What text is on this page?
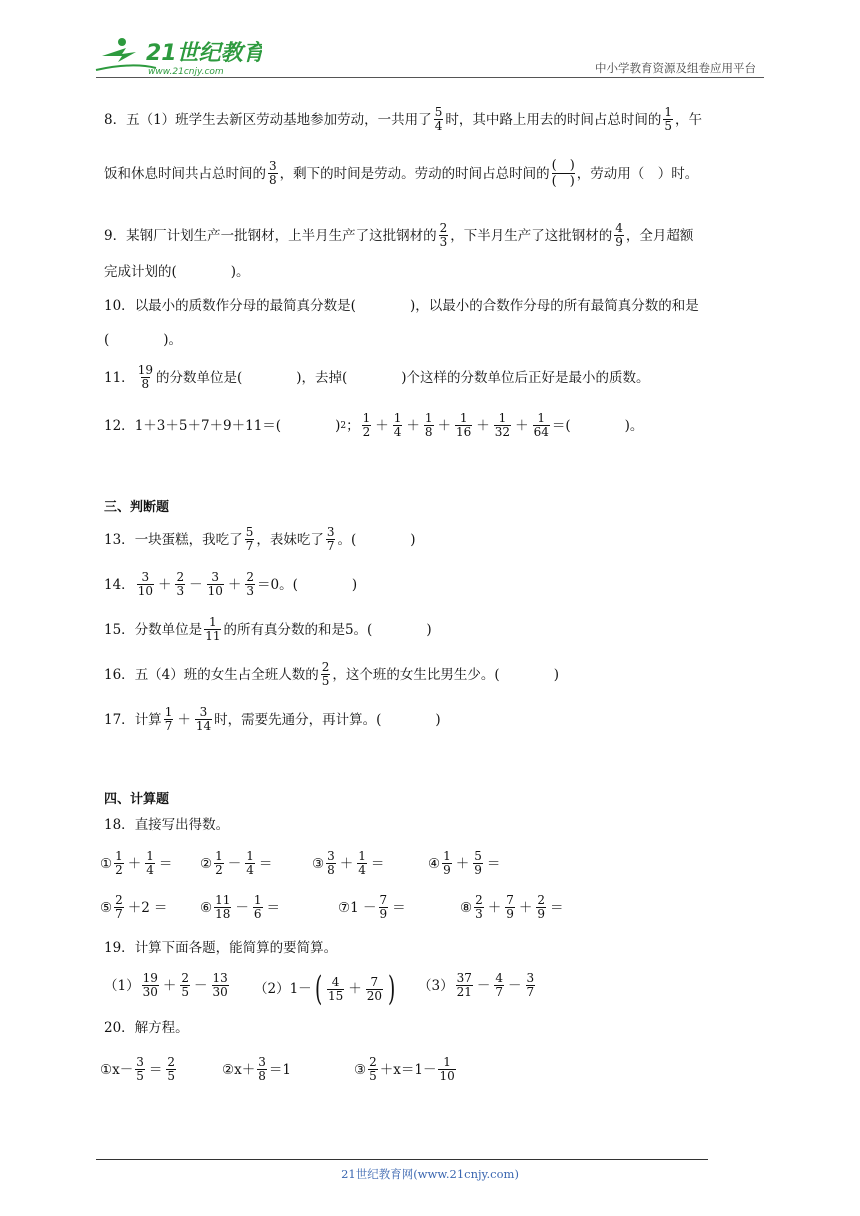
21世纪教育
www.21cnjy.com	中小学教育资源及组卷应用平台
8． 五（1）班学生去新区劳动基地参加劳动，一共用了 5
4 时，其中路上用去的时间占总时间的 1
5 ，午
饭和休息时间共占总时间的 3
8 ，剩下的时间是劳动。劳动的时间占总时间的 $\frac{( )}{( )}$ ，劳动用（　）时。
9． 某钢厂计划生产一批钢材，上半月生产了这批钢材的 2
3 ，下半月生产了这批钢材的 4
9 ，全月超额
完成计划的(　　　　)。
10． 以最小的质数作分母的最简真分数是(　　　　)，以最小的合数作分母的所有最简真分数的和是
(　　　　)。
11． 19
8 的分数单位是(　　　　)，去掉(　　　　)个这样的分数单位后正好是最小的质数。
12． 1＋3＋5＋7＋9＋11＝(　　　　) 2 ； 1
2 ＋ 1
4 ＋ 1
8 ＋ 1
16 ＋ 1
32 ＋ 1
64 ＝(　　　　)。
三、判断题
13． 一块蛋糕，我吃了 5
7 ，表妹吃了 3
7 。(　　　　)
14． 3
10 ＋ 2
3 － 3
10 ＋ 2
3 ＝0。(　　　　)
15． 分数单位是 1
11 的所有真分数的和是5。(　　　　)
16． 五（4）班的女生占全班人数的 2
5 ，这个班的女生比男生少。(　　　　)
17． 计算 1
7 ＋ 3
14 时，需要先通分，再计算。(　　　　)
四、计算题
18． 直接写出得数。
① 1
2 ＋ 1
4 ＝ ② 1
2 － 1
4 ＝	③ 3
8 ＋ 1
4 ＝	④ 1
9 ＋ 5
9 ＝
⑤ 2
7 ＋2 ＝ ⑥ 11
18 － 1
6 ＝	⑦ 1 － 7
9 ＝	⑧ 2
3 ＋ 7
9 ＋ 2
9 ＝
19． 计算下面各题，能简算的要简算。
（1） 19
30 ＋ 2
5 － 13
30 （2） 1－ ( 4
15 ＋ 7
20 ) （3） 37
21 － 4
7 － 3
7
20． 解方程。
① x－ 3
5 ＝ 2
5	② x＋ 3
8 ＝1	③ 2
5 ＋x＝1－ 1
10
21世纪教育网(www.21cnjy.com)
